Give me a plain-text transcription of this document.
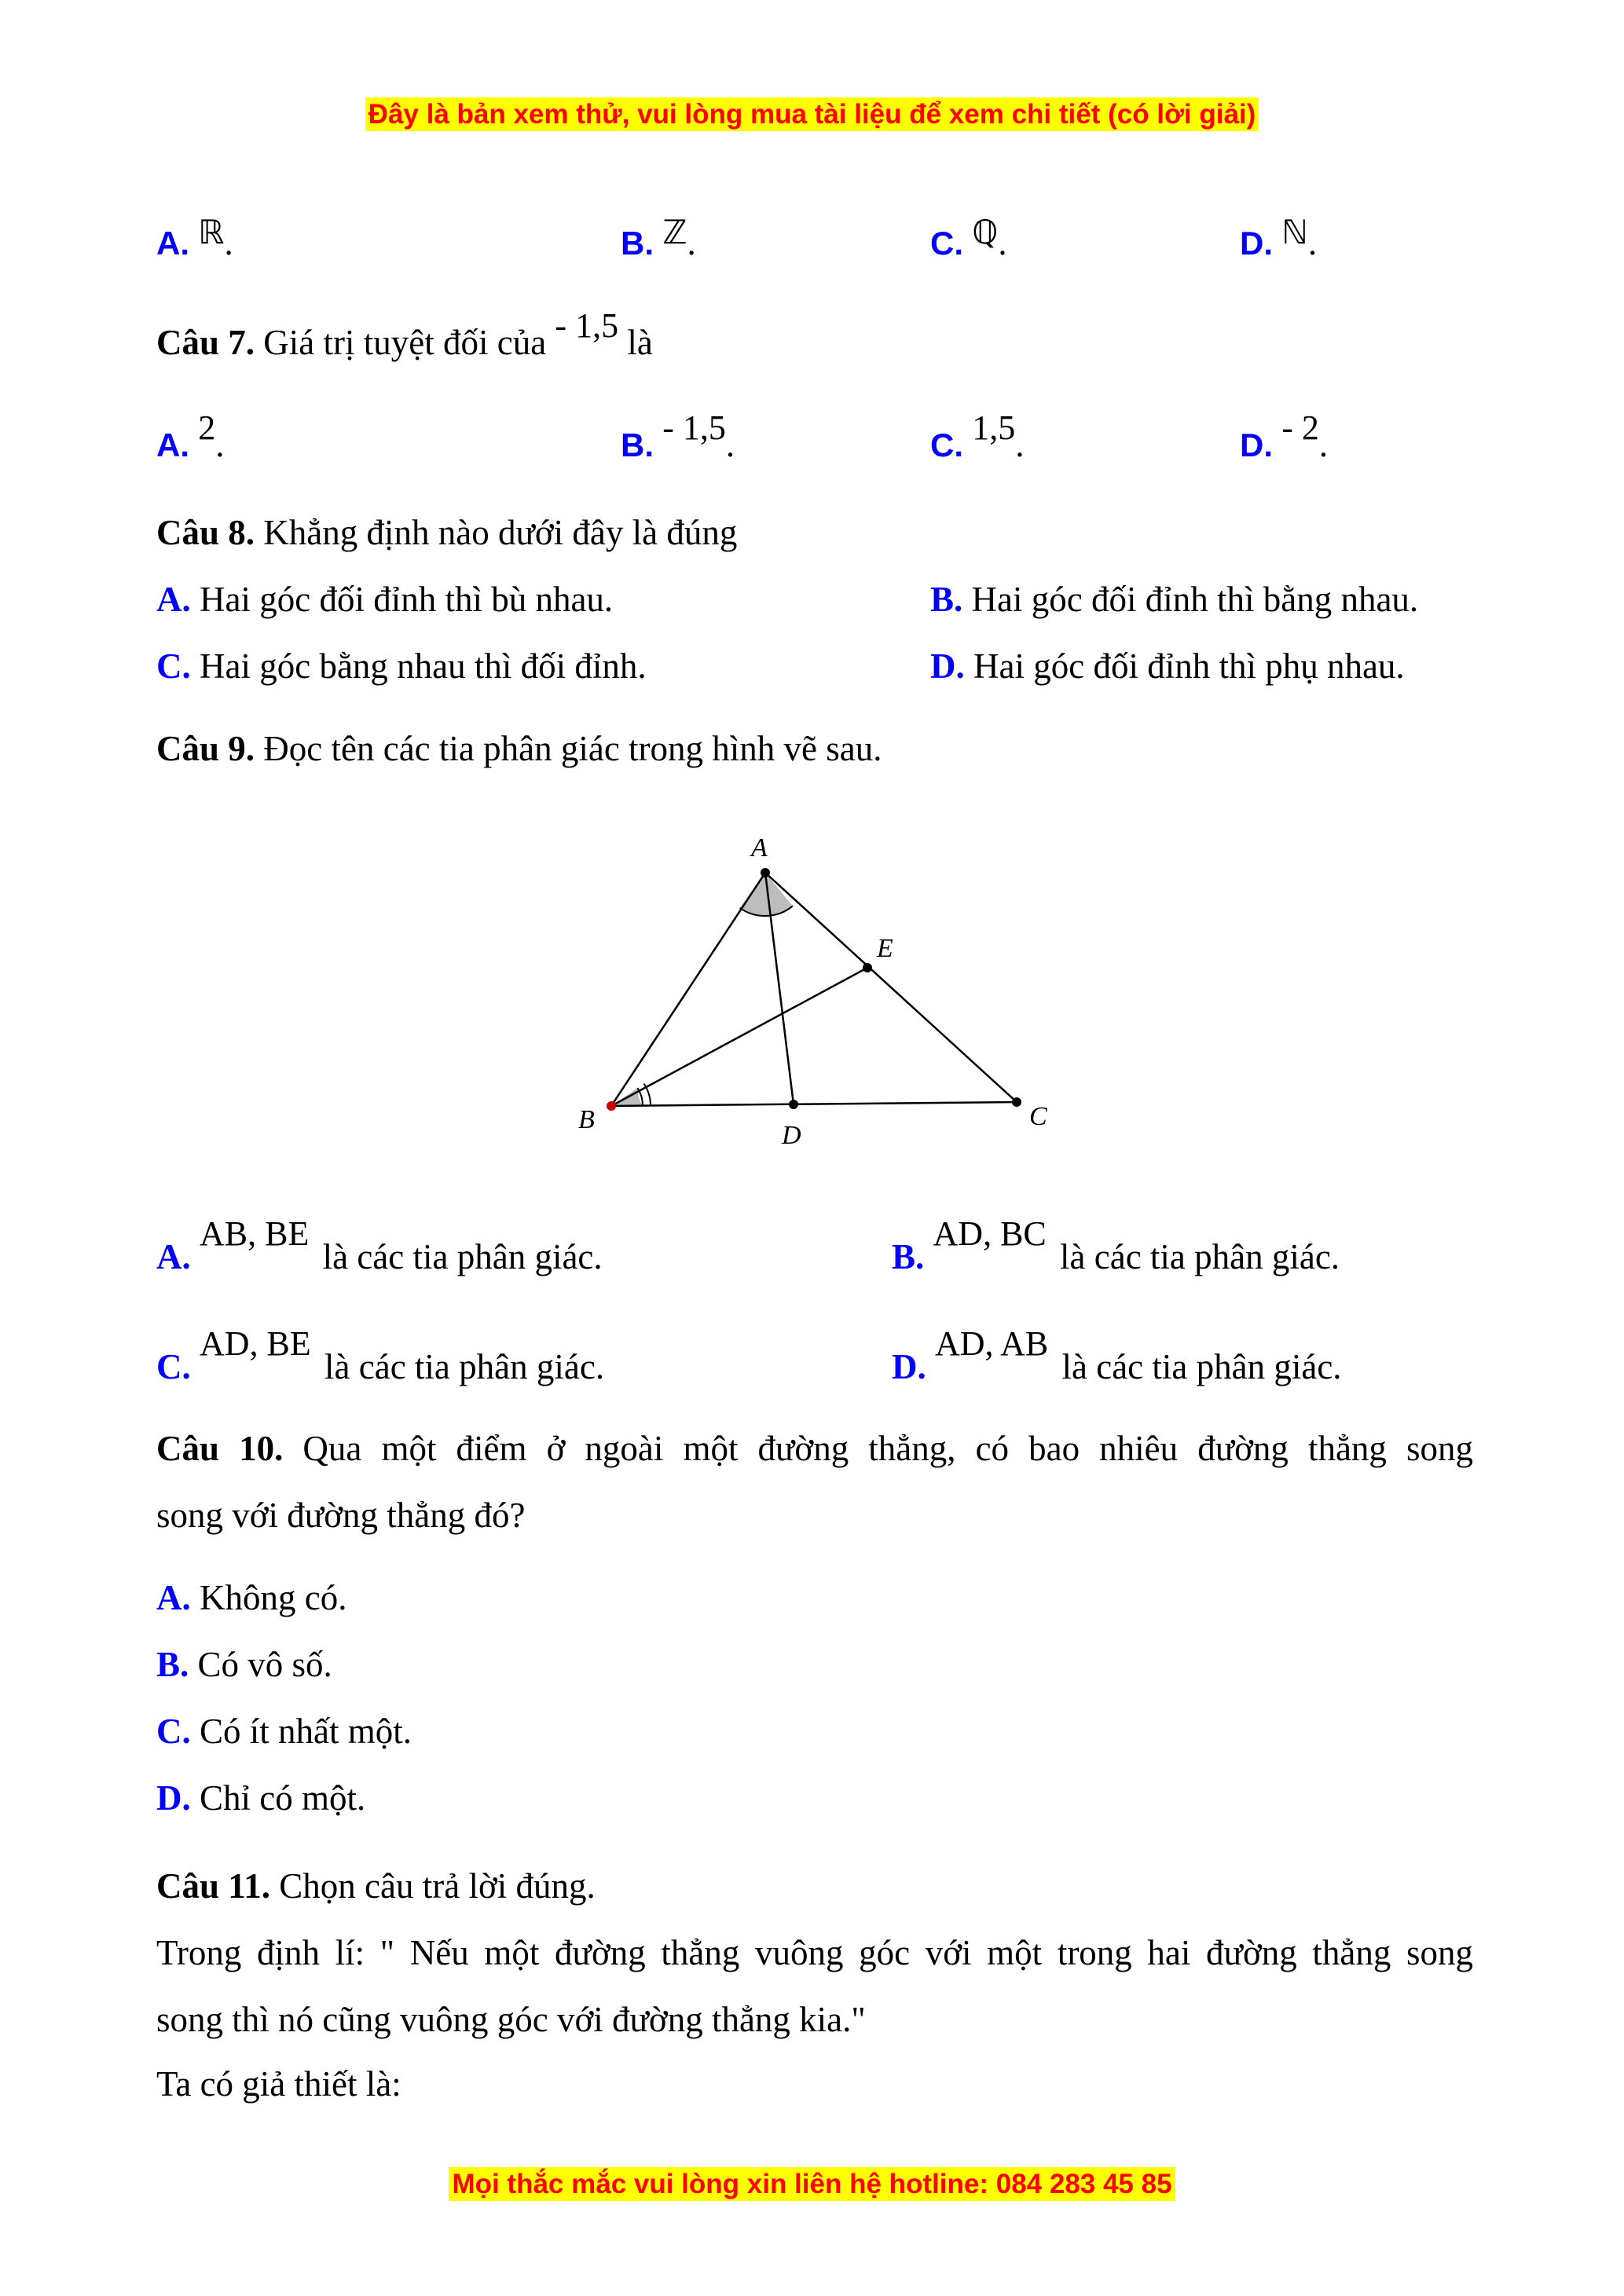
Đây là bản xem thử, vui lòng mua tài liệu để xem chi tiết (có lời giải)
A. ℝ.	B. ℤ.	C. ℚ.	D. ℕ.
Câu 7. Giá trị tuyệt đối của - 1,5 là
A. 2.	B. - 1,5.	C. 1,5.	D. - 2.
Câu 8. Khẳng định nào dưới đây là đúng
A. Hai góc đối đỉnh thì bù nhau.	B. Hai góc đối đỉnh thì bằng nhau.
C. Hai góc bằng nhau thì đối đỉnh.	D. Hai góc đối đỉnh thì phụ nhau.
Câu 9. Đọc tên các tia phân giác trong hình vẽ sau.
A
B	C
D
E
A. AB, BE là các tia phân giác.	B. AD, BC là các tia phân giác.
C. AD, BE là các tia phân giác.	D. AD, AB là các tia phân giác.
Câu 10. Qua một điểm ở ngoài một đường thẳng, có bao nhiêu đường thẳng song
song với đường thẳng đó?
A. Không có.
B. Có vô số.
C. Có ít nhất một.
D. Chỉ có một.
Câu 11. Chọn câu trả lời đúng.
Trong định lí: " Nếu một đường thẳng vuông góc với một trong hai đường thẳng song
song thì nó cũng vuông góc với đường thẳng kia."
Ta có giả thiết là:
Mọi thắc mắc vui lòng xin liên hệ hotline: 084 283 45 85
